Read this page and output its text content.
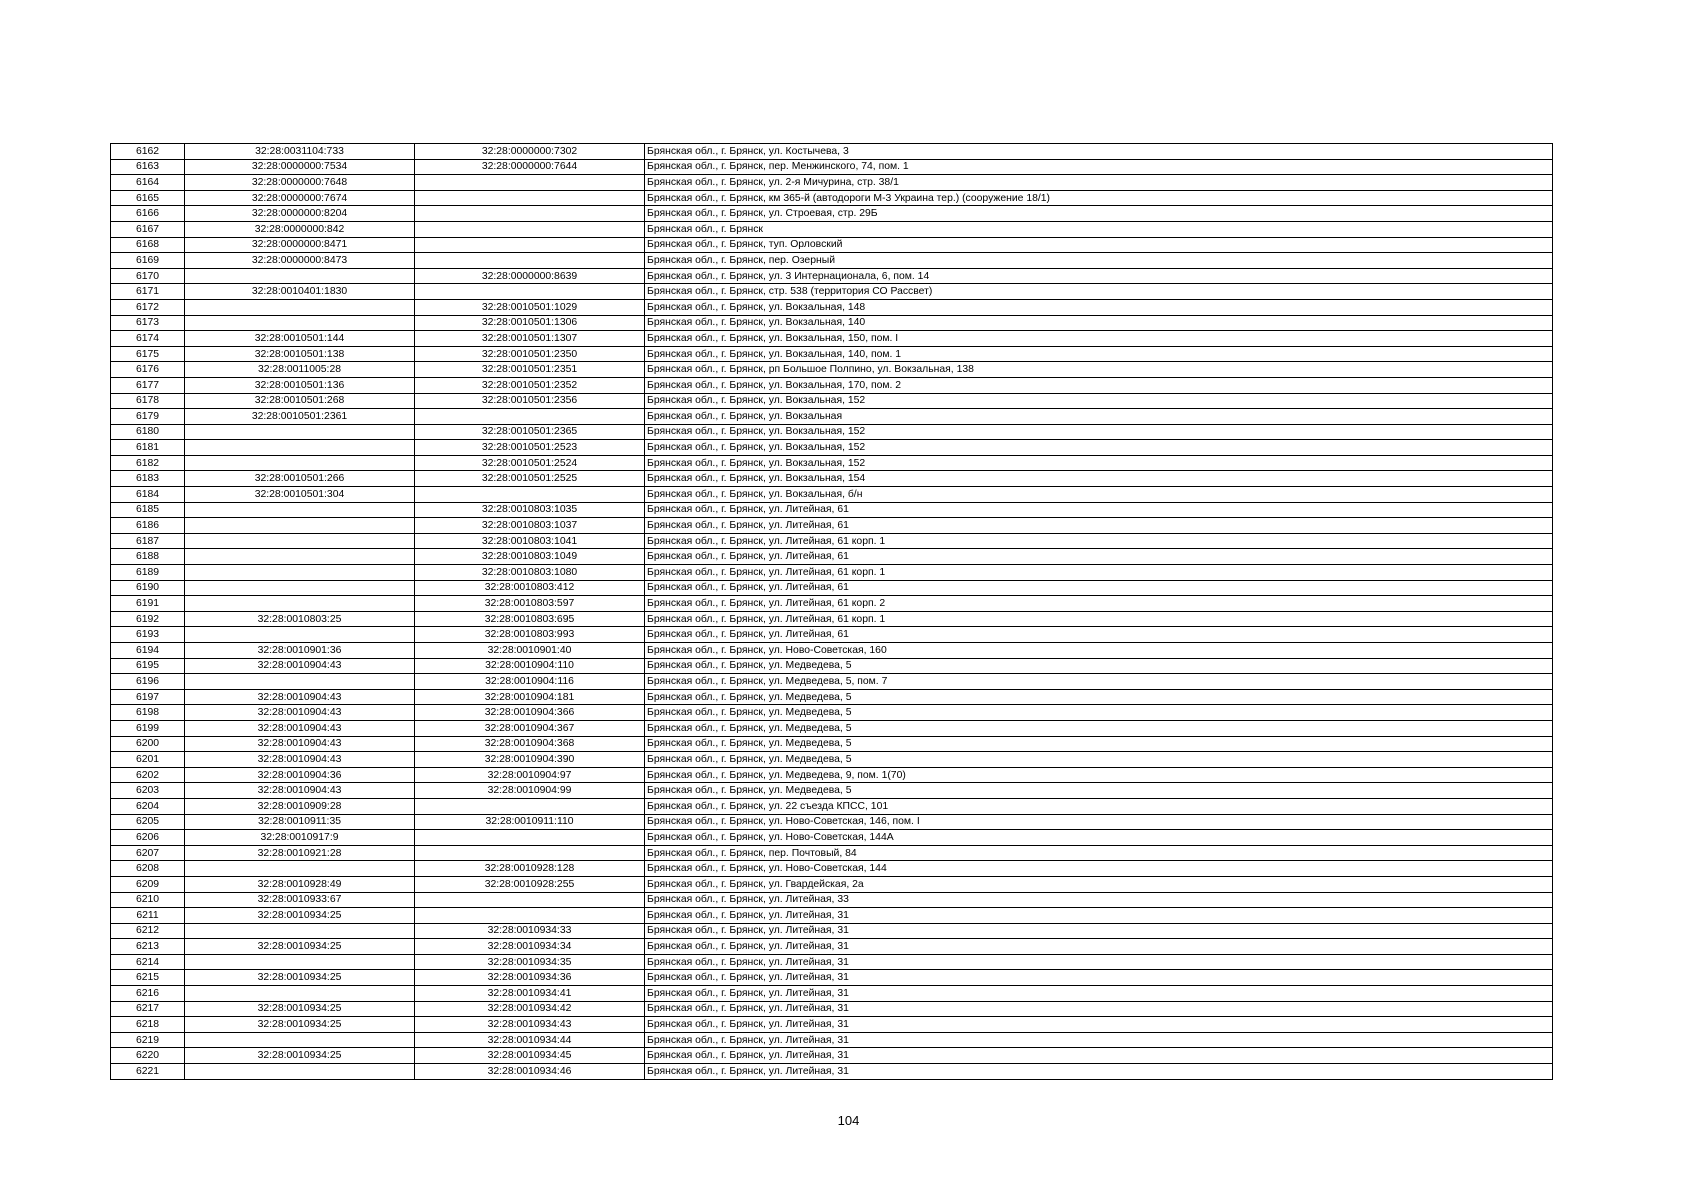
6162	32:28:0031104:733	32:28:0000000:7302	Брянская обл., г. Брянск, ул. Костычева, 3
6163	32:28:0000000:7534	32:28:0000000:7644	Брянская обл., г. Брянск, пер. Менжинского, 74, пом. 1
6164	32:28:0000000:7648		Брянская обл., г. Брянск, ул. 2-я Мичурина, стр. 38/1
6165	32:28:0000000:7674		Брянская обл., г. Брянск, км 365-й (автодороги М-3 Украина тер.) (сооружение 18/1)
6166	32:28:0000000:8204		Брянская обл., г. Брянск, ул. Строевая, стр. 29Б
6167	32:28:0000000:842		Брянская обл., г. Брянск
6168	32:28:0000000:8471		Брянская обл., г. Брянск, туп. Орловский
6169	32:28:0000000:8473		Брянская обл., г. Брянск, пер. Озерный
6170		32:28:0000000:8639	Брянская обл., г. Брянск, ул. 3 Интернационала, 6, пом. 14
6171	32:28:0010401:1830		Брянская обл., г. Брянск, стр. 538 (территория СО Рассвет)
6172		32:28:0010501:1029	Брянская обл., г. Брянск, ул. Вокзальная, 148
6173		32:28:0010501:1306	Брянская обл., г. Брянск, ул. Вокзальная, 140
6174	32:28:0010501:144	32:28:0010501:1307	Брянская обл., г. Брянск, ул. Вокзальная, 150, пом. I
6175	32:28:0010501:138	32:28:0010501:2350	Брянская обл., г. Брянск, ул. Вокзальная, 140, пом. 1
6176	32:28:0011005:28	32:28:0010501:2351	Брянская обл., г. Брянск, рп Большое Полпино, ул. Вокзальная, 138
6177	32:28:0010501:136	32:28:0010501:2352	Брянская обл., г. Брянск, ул. Вокзальная, 170, пом. 2
6178	32:28:0010501:268	32:28:0010501:2356	Брянская обл., г. Брянск, ул. Вокзальная, 152
6179	32:28:0010501:2361		Брянская обл., г. Брянск, ул. Вокзальная
6180		32:28:0010501:2365	Брянская обл., г. Брянск, ул. Вокзальная, 152
6181		32:28:0010501:2523	Брянская обл., г. Брянск, ул. Вокзальная, 152
6182		32:28:0010501:2524	Брянская обл., г. Брянск, ул. Вокзальная, 152
6183	32:28:0010501:266	32:28:0010501:2525	Брянская обл., г. Брянск, ул. Вокзальная, 154
6184	32:28:0010501:304		Брянская обл., г. Брянск, ул. Вокзальная, б/н
6185		32:28:0010803:1035	Брянская обл., г. Брянск, ул. Литейная, 61
6186		32:28:0010803:1037	Брянская обл., г. Брянск, ул. Литейная, 61
6187		32:28:0010803:1041	Брянская обл., г. Брянск, ул. Литейная, 61 корп. 1
6188		32:28:0010803:1049	Брянская обл., г. Брянск, ул. Литейная, 61
6189		32:28:0010803:1080	Брянская обл., г. Брянск, ул. Литейная, 61 корп. 1
6190		32:28:0010803:412	Брянская обл., г. Брянск, ул. Литейная, 61
6191		32:28:0010803:597	Брянская обл., г. Брянск, ул. Литейная, 61 корп. 2
6192	32:28:0010803:25	32:28:0010803:695	Брянская обл., г. Брянск, ул. Литейная, 61 корп. 1
6193		32:28:0010803:993	Брянская обл., г. Брянск, ул. Литейная, 61
6194	32:28:0010901:36	32:28:0010901:40	Брянская обл., г. Брянск, ул. Ново-Советская, 160
6195	32:28:0010904:43	32:28:0010904:110	Брянская обл., г. Брянск, ул. Медведева, 5
6196		32:28:0010904:116	Брянская обл., г. Брянск, ул. Медведева, 5, пом. 7
6197	32:28:0010904:43	32:28:0010904:181	Брянская обл., г. Брянск, ул. Медведева, 5
6198	32:28:0010904:43	32:28:0010904:366	Брянская обл., г. Брянск, ул. Медведева, 5
6199	32:28:0010904:43	32:28:0010904:367	Брянская обл., г. Брянск, ул. Медведева, 5
6200	32:28:0010904:43	32:28:0010904:368	Брянская обл., г. Брянск, ул. Медведева, 5
6201	32:28:0010904:43	32:28:0010904:390	Брянская обл., г. Брянск, ул. Медведева, 5
6202	32:28:0010904:36	32:28:0010904:97	Брянская обл., г. Брянск, ул. Медведева, 9, пом. 1(70)
6203	32:28:0010904:43	32:28:0010904:99	Брянская обл., г. Брянск, ул. Медведева, 5
6204	32:28:0010909:28		Брянская обл., г. Брянск, ул. 22 съезда КПСС, 101
6205	32:28:0010911:35	32:28:0010911:110	Брянская обл., г. Брянск, ул. Ново-Советская, 146, пом. I
6206	32:28:0010917:9		Брянская обл., г. Брянск, ул. Ново-Советская, 144А
6207	32:28:0010921:28		Брянская обл., г. Брянск, пер. Почтовый, 84
6208		32:28:0010928:128	Брянская обл., г. Брянск, ул. Ново-Советская, 144
6209	32:28:0010928:49	32:28:0010928:255	Брянская обл., г. Брянск, ул. Гвардейская, 2а
6210	32:28:0010933:67		Брянская обл., г. Брянск, ул. Литейная, 33
6211	32:28:0010934:25		Брянская обл., г. Брянск, ул. Литейная, 31
6212		32:28:0010934:33	Брянская обл., г. Брянск, ул. Литейная, 31
6213	32:28:0010934:25	32:28:0010934:34	Брянская обл., г. Брянск, ул. Литейная, 31
6214		32:28:0010934:35	Брянская обл., г. Брянск, ул. Литейная, 31
6215	32:28:0010934:25	32:28:0010934:36	Брянская обл., г. Брянск, ул. Литейная, 31
6216		32:28:0010934:41	Брянская обл., г. Брянск, ул. Литейная, 31
6217	32:28:0010934:25	32:28:0010934:42	Брянская обл., г. Брянск, ул. Литейная, 31
6218	32:28:0010934:25	32:28:0010934:43	Брянская обл., г. Брянск, ул. Литейная, 31
6219		32:28:0010934:44	Брянская обл., г. Брянск, ул. Литейная, 31
6220	32:28:0010934:25	32:28:0010934:45	Брянская обл., г. Брянск, ул. Литейная, 31
6221		32:28:0010934:46	Брянская обл., г. Брянск, ул. Литейная, 31
104
